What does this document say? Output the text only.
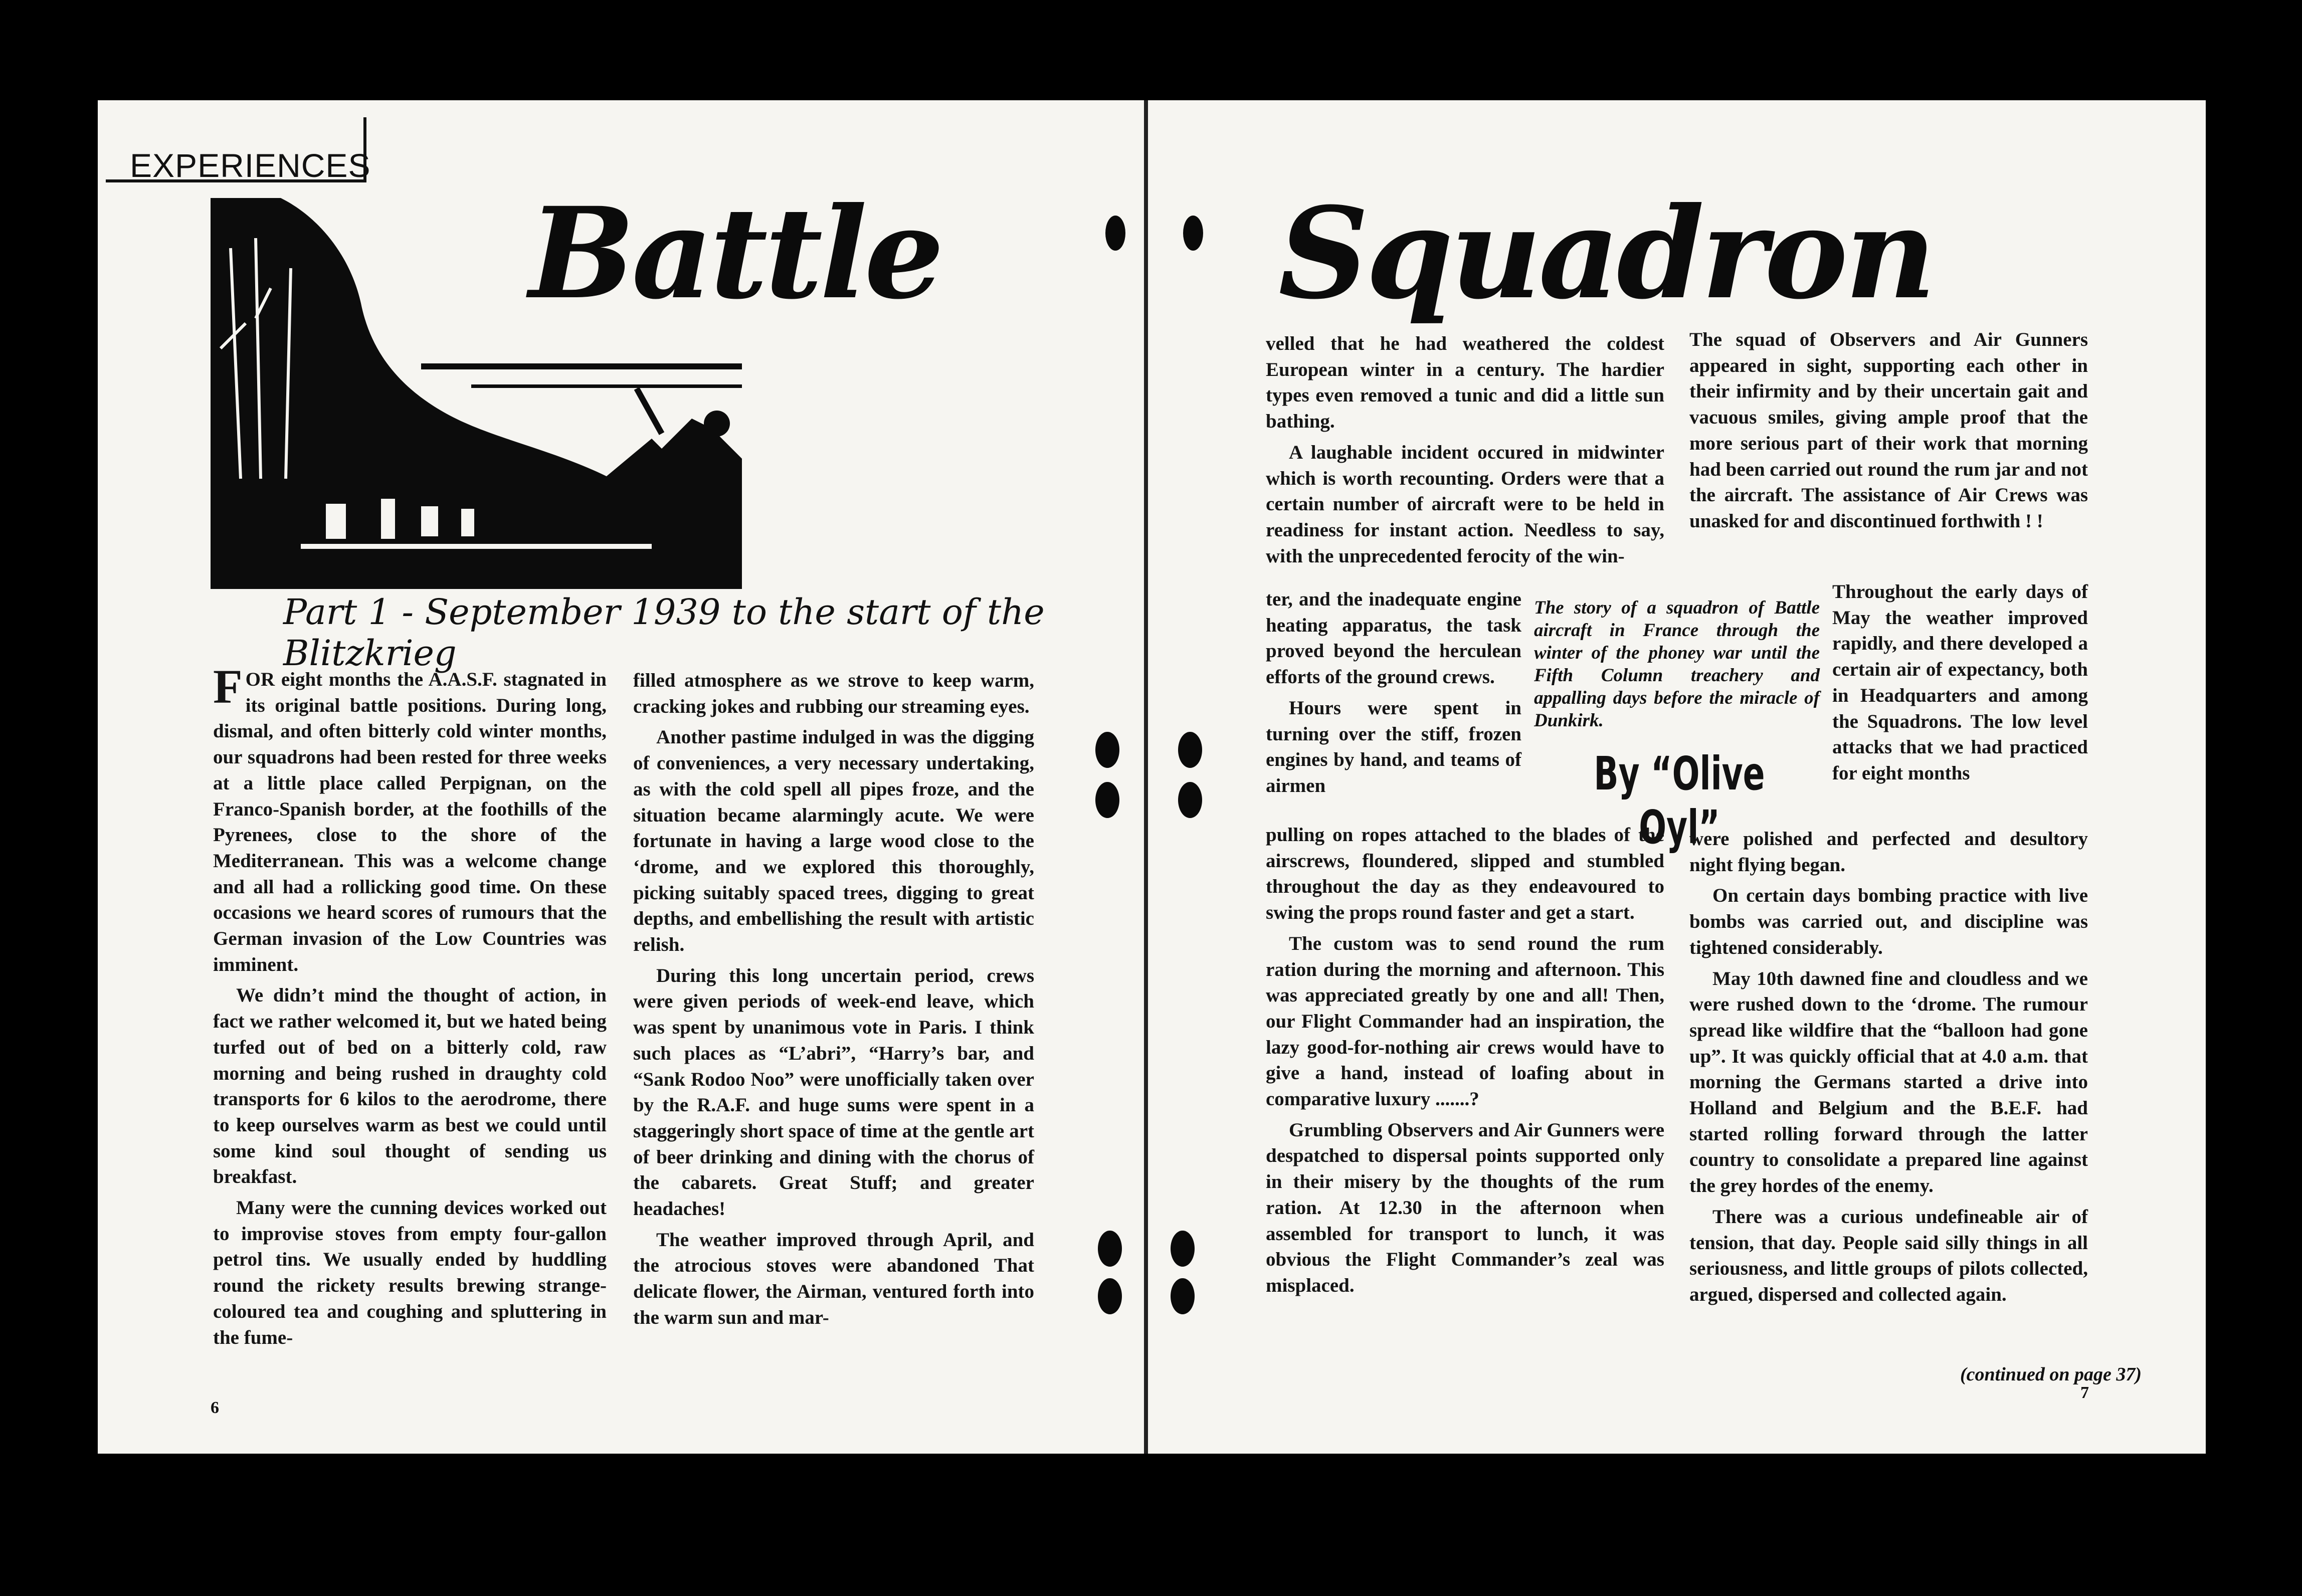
EXPERIENCES
Battle
Part 1 - September 1939 to the start of the Blitzkrieg

FOR eight months the A.A.S.F. stagnated in its original battle positions. During long, dismal, and often bitterly cold winter months, our squadrons had been rested for three weeks at a little place called Perpignan, on the Franco-Spanish border, at the foothills of the Pyrenees, close to the shore of the Mediterranean. This was a welcome change and all had a rollicking good time. On these occasions we heard scores of rumours that the German invasion of the Low Countries was imminent.

We didn’t mind the thought of action, in fact we rather welcomed it, but we hated being turfed out of bed on a bitterly cold, raw morning and being rushed in draughty cold transports for 6 kilos to the aerodrome, there to keep ourselves warm as best we could until some kind soul thought of sending us breakfast.

Many were the cunning devices worked out to improvise stoves from empty four-gallon petrol tins. We usually ended by huddling round the rickety results brewing strange-coloured tea and coughing and spluttering in the fume-

filled atmosphere as we strove to keep warm, cracking jokes and rubbing our streaming eyes.

Another pastime indulged in was the digging of conveniences, a very necessary undertaking, as with the cold spell all pipes froze, and the situation became alarmingly acute. We were fortunate in having a large wood close to the ‘drome, and we explored this thoroughly, picking suitably spaced trees, digging to great depths, and embellishing the result with artistic relish.

During this long uncertain period, crews were given periods of week-end leave, which was spent by unanimous vote in Paris. I think such places as “L’abri”, “Harry’s bar, and “Sank Rodoo Noo” were unofficially taken over by the R.A.F. and huge sums were spent in a staggeringly short space of time at the gentle art of beer drinking and dining with the chorus of the cabarets. Great Stuff; and greater headaches!

The weather improved through April, and the atrocious stoves were abandoned That delicate flower, the Airman, ventured forth into the warm sun and mar-

6
Squadron

velled that he had weathered the coldest European winter in a century. The hardier types even removed a tunic and did a little sun bathing.

A laughable incident occured in midwinter which is worth recounting. Orders were that a certain number of aircraft were to be held in readiness for instant action. Needless to say, with the unprecedented ferocity of the win-

ter, and the inadequate engine heating apparatus, the task proved beyond the herculean efforts of the ground crews.

Hours were spent in turning over the stiff, frozen engines by hand, and teams of airmen

pulling on ropes attached to the blades of the airscrews, floundered, slipped and stumbled throughout the day as they endeavoured to swing the props round faster and get a start.

The custom was to send round the rum ration during the morning and afternoon. This was appreciated greatly by one and all! Then, our Flight Commander had an inspiration, the lazy good-for-nothing air crews would have to give a hand, instead of loafing about in comparative luxury .......?

Grumbling Observers and Air Gunners were despatched to dispersal points supported only in their misery by the thoughts of the rum ration. At 12.30 in the afternoon when assembled for transport to lunch, it was obvious the Flight Commander’s zeal was misplaced.

The story of a squadron of Battle aircraft in France through the winter of the phoney war until the Fifth Column treachery and appalling days before the miracle of Dunkirk.
By “Olive Oyl”

The squad of Observers and Air Gunners appeared in sight, supporting each other in their infirmity and by their uncertain gait and vacuous smiles, giving ample proof that the more serious part of their work that morning had been carried out round the rum jar and not the aircraft. The assistance of Air Crews was unasked for and discontinued forthwith ! !

Throughout the early days of May the weather improved rapidly, and there developed a certain air of expectancy, both in Headquarters and among the Squadrons. The low level attacks that we had practiced for eight months

were polished and perfected and desultory night flying began.

On certain days bombing practice with live bombs was carried out, and discipline was tightened considerably.

May 10th dawned fine and cloudless and we were rushed down to the ‘drome. The rumour spread like wildfire that the “balloon had gone up”. It was quickly official that at 4.0 a.m. that morning the Germans started a drive into Holland and Belgium and the B.E.F. had started rolling forward through the latter country to consolidate a prepared line against the grey hordes of the enemy.

There was a curious undefineable air of tension, that day. People said silly things in all seriousness, and little groups of pilots collected, argued, dispersed and collected again.

(continued on page 37)
7
